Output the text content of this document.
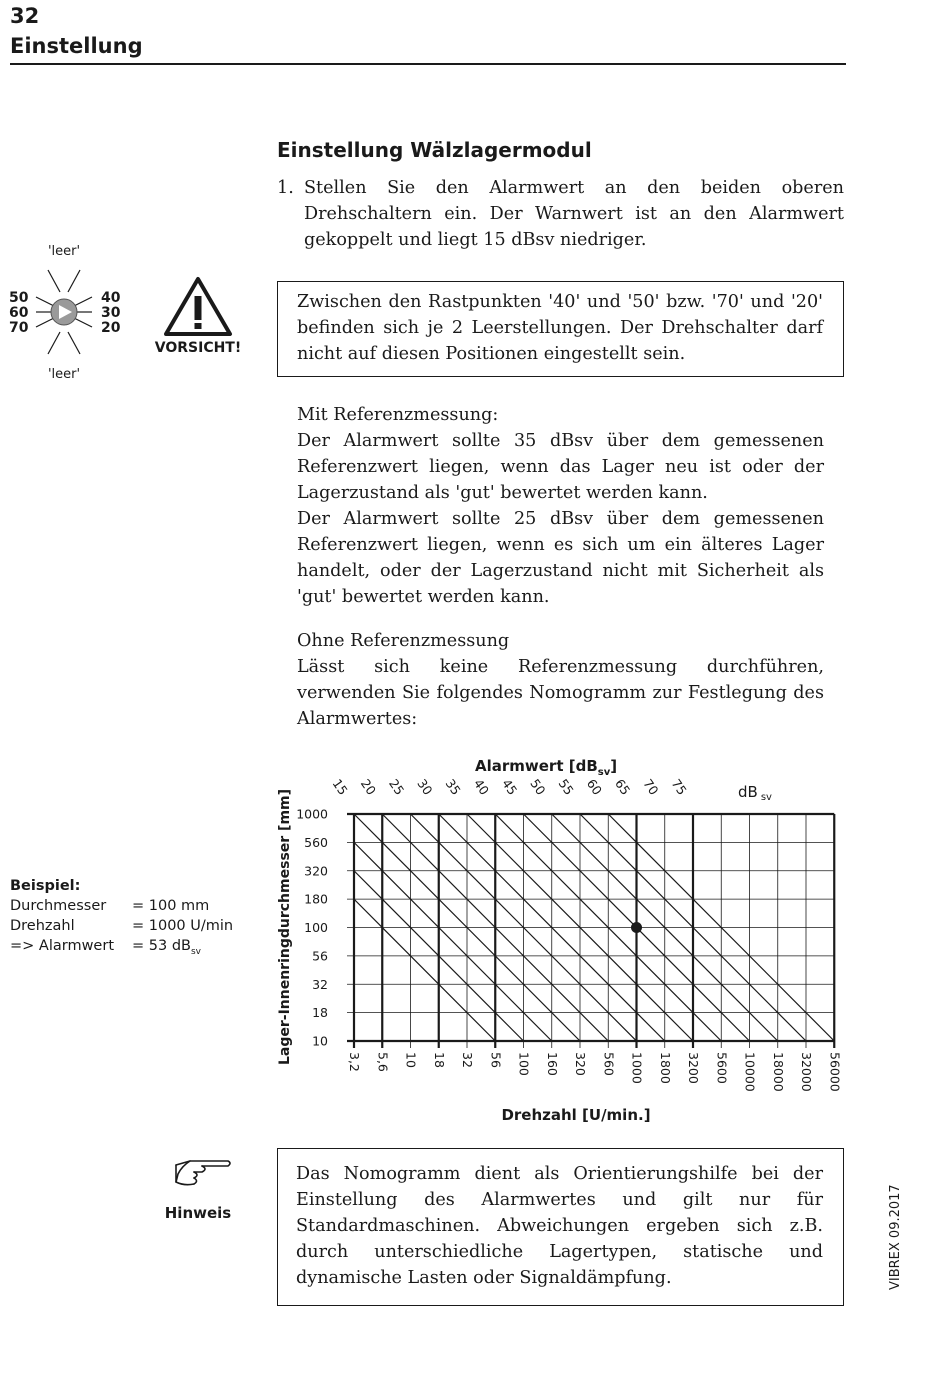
32
Einstellung
Einstellung Wälzlagermodul
1. Stellen Sie den Alarmwert an den beiden oberen Drehschaltern ein. Der Warnwert ist an den Alarmwert gekoppelt und liegt 15 dBsv niedriger.
'leer'
'leer'
50
60
70
40
30
20
VORSICHT!
Zwischen den Rastpunkten '40' und '50' bzw. '70' und '20' befinden sich je 2 Leerstellungen. Der Drehschalter darf nicht auf diesen Positionen eingestellt sein.
Mit Referenzmessung:
Der Alarmwert sollte 35 dBsv über dem gemessenen Referenzwert liegen, wenn das Lager neu ist oder der Lagerzustand als 'gut' bewertet werden kann.
Der Alarmwert sollte 25 dBsv über dem gemessenen Referenzwert liegen, wenn es sich um ein älteres Lager handelt, oder der Lagerzustand nicht mit Sicherheit als 'gut' bewertet werden kann.
Ohne Referenzmessung
Lässt sich keine Referenzmessung durchführen, verwenden Sie folgendes Nomogramm zur Festlegung des Alarmwertes:
Beispiel:
Durchmesser = 100 mm
Drehzahl	= 1000 U/min
=> Alarmwert = 53 $dB_{sv}$
Alarmwert $[dB_{sv}]$
dB $_{sv}$
Lager-Innenringdurchmesser [mm]
Drehzahl [U/min.]
3,2 5,6 10 18 32 56 100 160 320 560 1000 1800 3200 5600 10000 18000 32000 56000
1000
560
320
180
100
56
32
18
10
15 20 25 30 35 40 45 50 55 60 65 70 75
Hinweis
Das Nomogramm dient als Orientierungshilfe bei der Einstellung des Alarmwertes und gilt nur für Standardmaschinen. Abweichungen ergeben sich z.B. durch unterschiedliche Lagertypen, statische und dynamische Lasten oder Signaldämpfung.	VIBREX 09.2017
